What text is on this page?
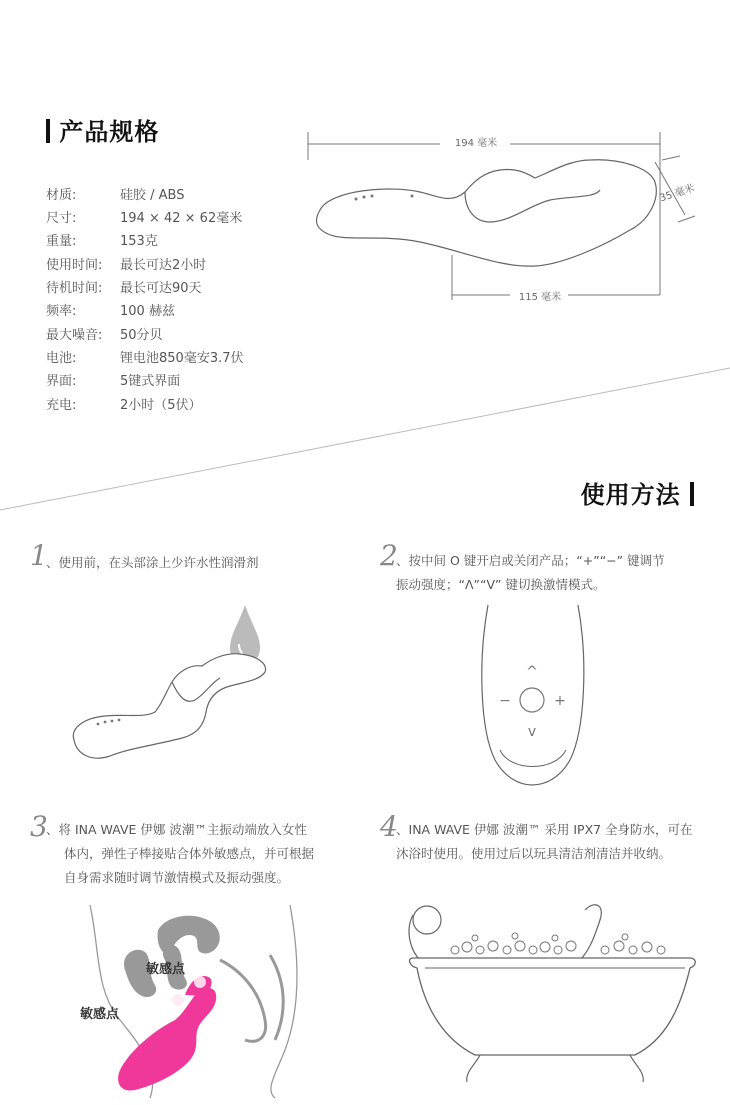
产品规格
材质:	硅胶 / ABS
尺寸:	194 × 42 × 62毫米
重量:	153克
使用时间: 最长可达2小时
待机时间: 最长可达90天
频率:	100 赫兹
最大噪音: 50分贝
电池:	锂电池850毫安3.7伏
界面:	5键式界面
充电:	2小时（5伏）
194 毫米
115 毫米
35 毫米
使用方法
1
、使用前，在头部涂上少许水性润滑剂	2
、按中间 O 键开启或关闭产品；“+”“−” 键调节
振动强度；“Λ”“V” 键切换激情模式。
^
v
−	+
3
、将 INA WAVE 伊娜 波潮™主振动端放入女性
体内，弹性子棒接贴合体外敏感点，并可根据
自身需求随时调节激情模式及振动强度。
敏感点
敏感点
4
、INA WAVE 伊娜 波潮™ 采用 IPX7 全身防水，可在
沐浴时使用。使用过后以玩具清洁剂清洁并收纳。
